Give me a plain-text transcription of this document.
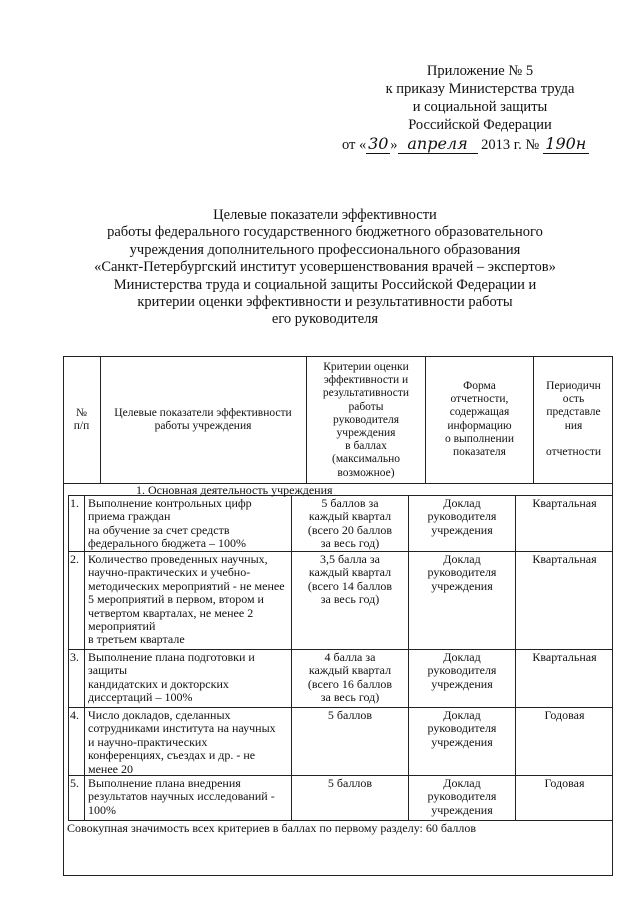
Приложение № 5
к приказу Министерства труда
и социальной защиты
Российской Федерации
от « 30 » апреля 2013 г. № 190н
Целевые показатели эффективности
работы федерального государственного бюджетного образовательного
учреждения дополнительного профессионального образования
«Санкт-Петербургский институт усовершенствования врачей – экспертов»
Министерства труда и социальной защиты Российской Федерации и
критерии оценки эффективности и результативности работы
его руководителя
№
п/п
Целевые показатели эффективности
работы учреждения
Критерии оценки
эффективности и
результативности
работы
руководителя
учреждения
в баллах
(максимально
возможное)
Форма
отчетности,
содержащая
информацию
о выполнении
показателя
Периодичн
ость
представле
ния
отчетности
1. Основная деятельность учреждения
1. Выполнение контрольных цифр
приема граждан
на обучение за счет средств
федерального бюджета – 100%
5 баллов за
каждый квартал
(всего 20 баллов
за весь год)
Доклад
руководителя
учреждения
Квартальная
2. Количество проведенных научных,
научно-практических и учебно-
методических мероприятий - не менее
5 мероприятий в первом, втором и
четвертом кварталах, не менее 2
мероприятий
в третьем квартале
3,5 балла за
каждый квартал
(всего 14 баллов
за весь год)
Доклад
руководителя
учреждения
Квартальная
3. Выполнение плана подготовки и
защиты
кандидатских и докторских
диссертаций – 100%
4 балла за
каждый квартал
(всего 16 баллов
за весь год)
Доклад
руководителя
учреждения
Квартальная
4. Число докладов, сделанных
сотрудниками института на научных
и научно-практических
конференциях, съездах и др. - не
менее 20
5 баллов	Доклад
руководителя
учреждения
Годовая
5. Выполнение плана внедрения
результатов научных исследований -
100%
5 баллов	Доклад
руководителя
учреждения
Годовая
Совокупная значимость всех критериев в баллах по первому разделу: 60 баллов
